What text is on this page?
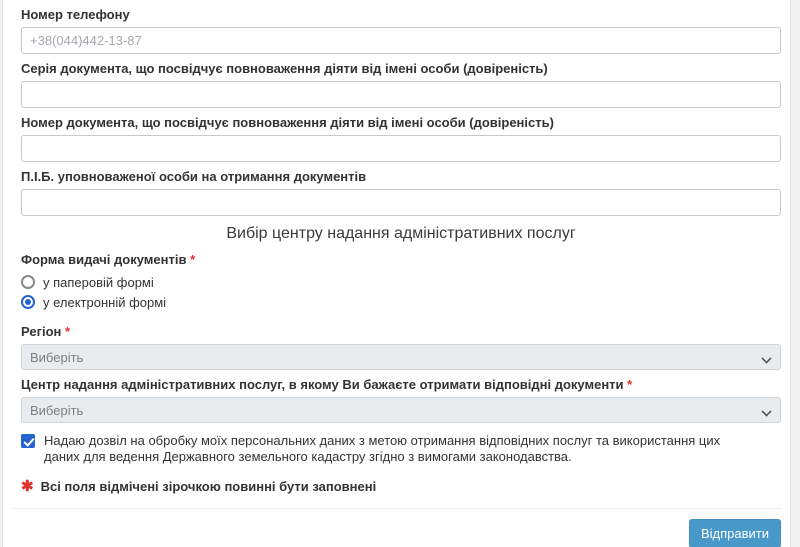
Номер телефону
+38(044)442-13-87
Серія документа, що посвідчує повноваження діяти від імені особи (довіреність)
Номер документа, що посвідчує повноваження діяти від імені особи (довіреність)
П.І.Б. уповноваженої особи на отримання документів
Вибір центру надання адміністративних послуг
Форма видачі документів *
у паперовій формі
у електронній формі
Регіон *
Виберіть
Центр надання адміністративних послуг, в якому Ви бажаєте отримати відповідні документи *
Виберіть
Надаю дозвіл на обробку моїх персональних даних з метою отримання відповідних послуг та використання цих даних для ведення Державного земельного кадастру згідно з вимогами законодавства.
✱ Всі поля відмічені зірочкою повинні бути заповнені
Відправити
